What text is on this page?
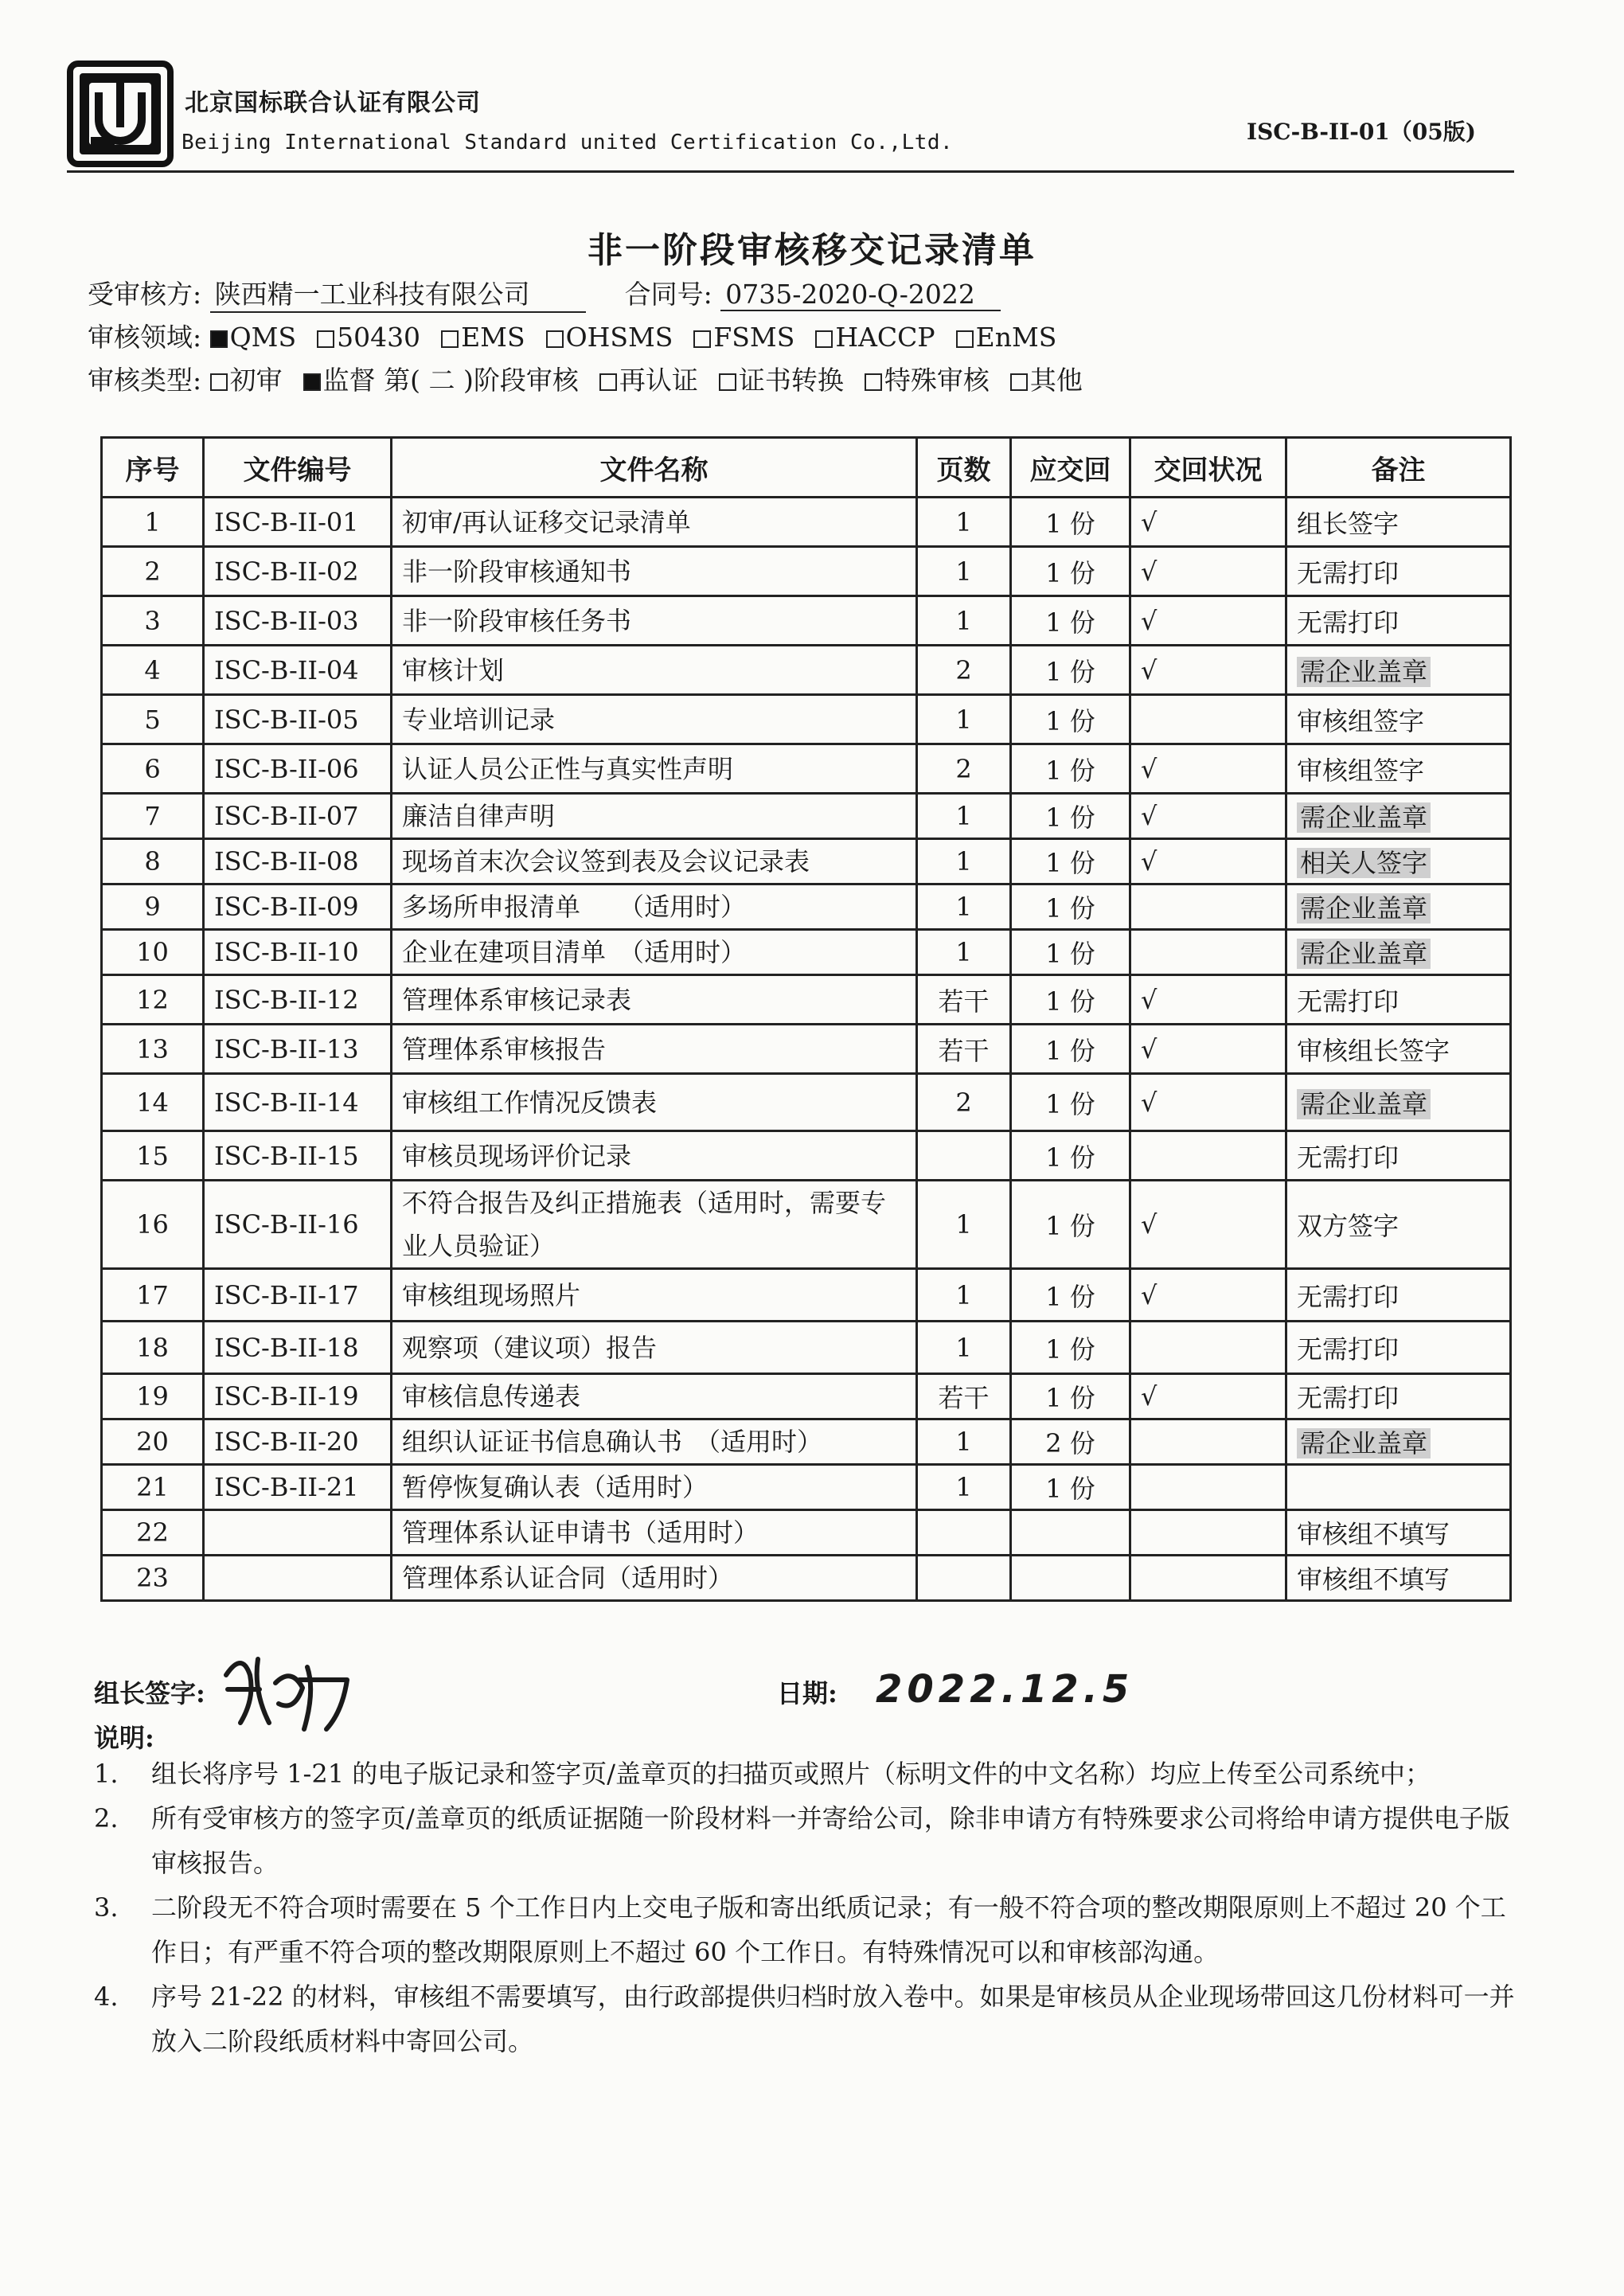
北京国标联合认证有限公司
Beijing International Standard united Certification Co.,Ltd.	ISC-B-II-01（05版)
非一阶段审核移交记录清单
受审核方: 陕西精一工业科技有限公司	合同号: 0735-2020-Q-2022
审核领域: QMS 50430 EMS OHSMS FSMS HACCP EnMS
审核类型: 初审 监督 第( 二 )阶段审核 再认证 证书转换 特殊审核 其他
序号	文件编号	文件名称	页数	应交回	交回状况	备注
1	ISC-B-II-01	初审/再认证移交记录清单	1	1 份	√	组长签字
2	ISC-B-II-02	非一阶段审核通知书	1	1 份	√	无需打印
3	ISC-B-II-03	非一阶段审核任务书	1	1 份	√	无需打印
4	ISC-B-II-04	审核计划	2	1 份	√	需企业盖章
5	ISC-B-II-05	专业培训记录	1	1 份		审核组签字
6	ISC-B-II-06	认证人员公正性与真实性声明	2	1 份	√	审核组签字
7	ISC-B-II-07	廉洁自律声明	1	1 份	√	需企业盖章
8	ISC-B-II-08	现场首末次会议签到表及会议记录表	1	1 份	√	相关人签字
9	ISC-B-II-09	多场所申报清单　　（适用时）	1	1 份		需企业盖章
10	ISC-B-II-10	企业在建项目清单　（适用时）	1	1 份		需企业盖章
12	ISC-B-II-12	管理体系审核记录表	若干	1 份	√	无需打印
13	ISC-B-II-13	管理体系审核报告	若干	1 份	√	审核组长签字
14	ISC-B-II-14	审核组工作情况反馈表	2	1 份	√	需企业盖章
15	ISC-B-II-15	审核员现场评价记录		1 份		无需打印
16	ISC-B-II-16	不符合报告及纠正措施表（适用时，需要专业人员验证）	1	1 份	√	双方签字
17	ISC-B-II-17	审核组现场照片	1	1 份	√	无需打印
18	ISC-B-II-18	观察项（建议项）报告	1	1 份		无需打印
19	ISC-B-II-19	审核信息传递表	若干	1 份	√	无需打印
20	ISC-B-II-20	组织认证证书信息确认书　（适用时）	1	2 份		需企业盖章
21	ISC-B-II-21	暂停恢复确认表（适用时）	1	1 份		
22		管理体系认证申请书（适用时）				审核组不填写
23		管理体系认证合同（适用时）				审核组不填写
组长签字:	日期: 2022.12.5
说明:
1. 组长将序号 1-21 的电子版记录和签字页/盖章页的扫描页或照片（标明文件的中文名称）均应上传至公司系统中；
2. 所有受审核方的签字页/盖章页的纸质证据随一阶段材料一并寄给公司，除非申请方有特殊要求公司将给申请方提供电子版审核报告。
3. 二阶段无不符合项时需要在 5 个工作日内上交电子版和寄出纸质记录；有一般不符合项的整改期限原则上不超过 20 个工作日；有严重不符合项的整改期限原则上不超过 60 个工作日。有特殊情况可以和审核部沟通。
4. 序号 21-22 的材料，审核组不需要填写，由行政部提供归档时放入卷中。如果是审核员从企业现场带回这几份材料可一并放入二阶段纸质材料中寄回公司。
